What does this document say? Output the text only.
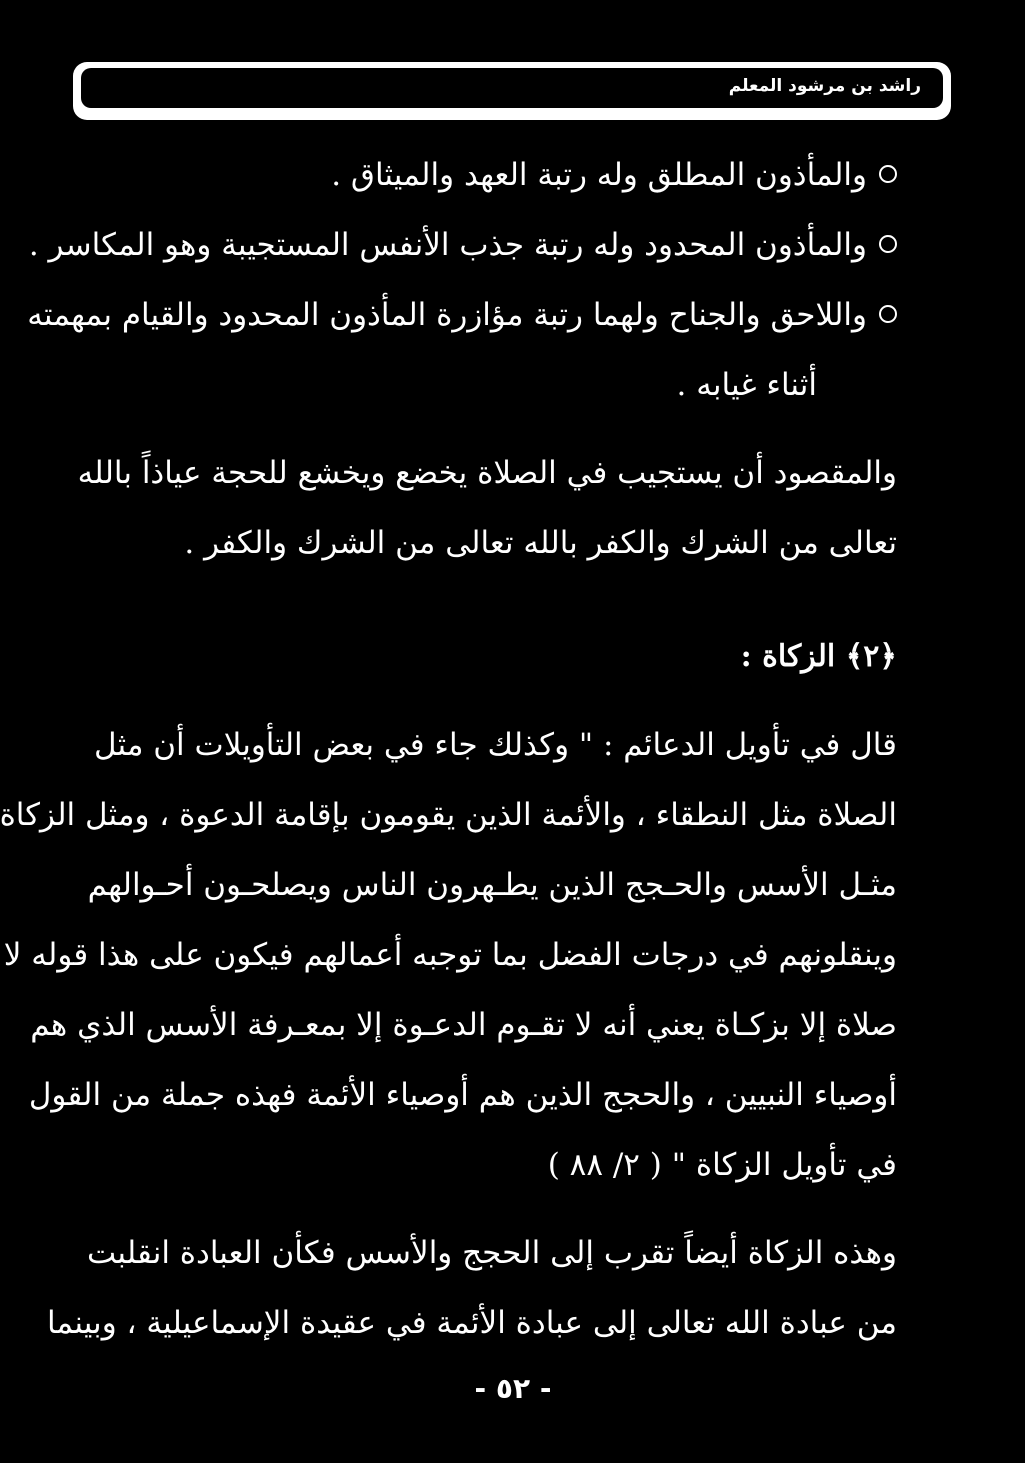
راشد بن مرشود المعلم
والمأذون المطلق وله رتبة العهد والميثاق .
والمأذون المحدود وله رتبة جذب الأنفس المستجيبة وهو المكاسر .
واللاحق والجناح ولهما رتبة مؤازرة المأذون المحدود والقيام بمهمته
أثناء غيابه .
والمقصود أن يستجيب في الصلاة يخضع ويخشع للحجة عياذاً بالله
تعالى من الشرك والكفر بالله تعالى من الشرك والكفر .
﴿٢﴾ الزكاة :
قال في تأويل الدعائم : " وكذلك جاء في بعض التأويلات أن مثل
الصلاة مثل النطقاء ، والأئمة الذين يقومون بإقامة الدعوة ، ومثل الزكاة
مثـل الأسس والحـجج الذين يطـهرون الناس ويصلحـون أحـوالهم
وينقلونهم في درجات الفضل بما توجبه أعمالهم فيكون على هذا قوله لا
صلاة إلا بزكـاة يعني أنه لا تقـوم الدعـوة إلا بمعـرفة الأسس الذي هم
أوصياء النبيين ، والحجج الذين هم أوصياء الأئمة فهذه جملة من القول
في تأويل الزكاة " ( ٢/ ٨٨ )
وهذه الزكاة أيضاً تقرب إلى الحجج والأسس فكأن العبادة انقلبت
من عبادة الله تعالى إلى عبادة الأئمة في عقيدة الإسماعيلية ، وبينما
- ٥٢ -
